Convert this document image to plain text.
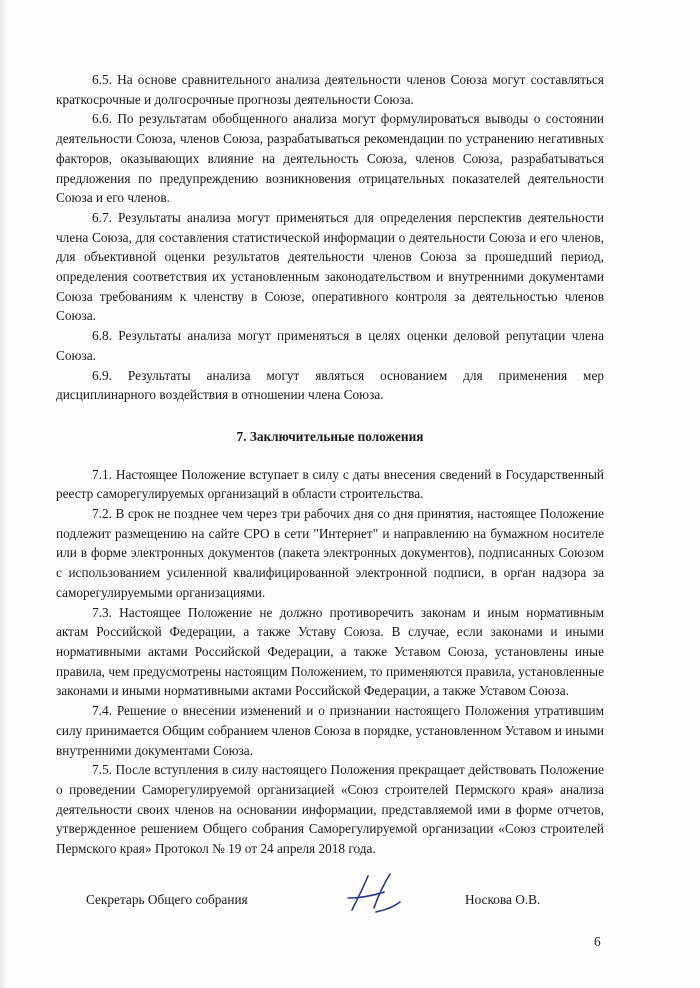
6.5. На основе сравнительного анализа деятельности членов Союза могут составляться краткосрочные и долгосрочные прогнозы деятельности Союза.

6.6. По результатам обобщенного анализа могут формулироваться выводы о состоянии деятельности Союза, членов Союза, разрабатываться рекомендации по устранению негативных факторов, оказывающих влияние на деятельность Союза, членов Союза, разрабатываться предложения по предупреждению возникновения отрицательных показателей деятельности Союза и его членов.

6.7. Результаты анализа могут применяться для определения перспектив деятельности члена Союза, для составления статистической информации о деятельности Союза и его членов, для объективной оценки результатов деятельности членов Союза за прошедший период, определения соответствия их установленным законодательством и внутренними документами Союза требованиям к членству в Союзе, оперативного контроля за деятельностью членов Союза.

6.8. Результаты анализа могут применяться в целях оценки деловой репутации члена Союза.

6.9. Результаты анализа могут являться основанием для применения мер дисциплинарного воздействия в отношении члена Союза.

7. Заключительные положения

7.1. Настоящее Положение вступает в силу с даты внесения сведений в Государственный реестр саморегулируемых организаций в области строительства.

7.2. В срок не позднее чем через три рабочих дня со дня принятия, настоящее Положение подлежит размещению на сайте СРО в сети "Интернет" и направлению на бумажном носителе или в форме электронных документов (пакета электронных документов), подписанных Союзом с использованием усиленной квалифицированной электронной подписи, в орган надзора за саморегулируемыми организациями.

7.3. Настоящее Положение не должно противоречить законам и иным нормативным актам Российской Федерации, а также Уставу Союза. В случае, если законами и иными нормативными актами Российской Федерации, а также Уставом Союза, установлены иные правила, чем предусмотрены настоящим Положением, то применяются правила, установленные законами и иными нормативными актами Российской Федерации, а также Уставом Союза.

7.4. Решение о внесении изменений и о признании настоящего Положения утратившим силу принимается Общим собранием членов Союза в порядке, установленном Уставом и иными внутренними документами Союза.

7.5. После вступления в силу настоящего Положения прекращает действовать Положение о проведении Саморегулируемой организацией «Союз строителей Пермского края» анализа деятельности своих членов на основании информации, представляемой ими в форме отчетов, утвержденное решением Общего собрания Саморегулируемой организации «Союз строителей Пермского края» Протокол № 19 от 24 апреля 2018 года.

Секретарь Общего собрания	Носкова О.В.
6
